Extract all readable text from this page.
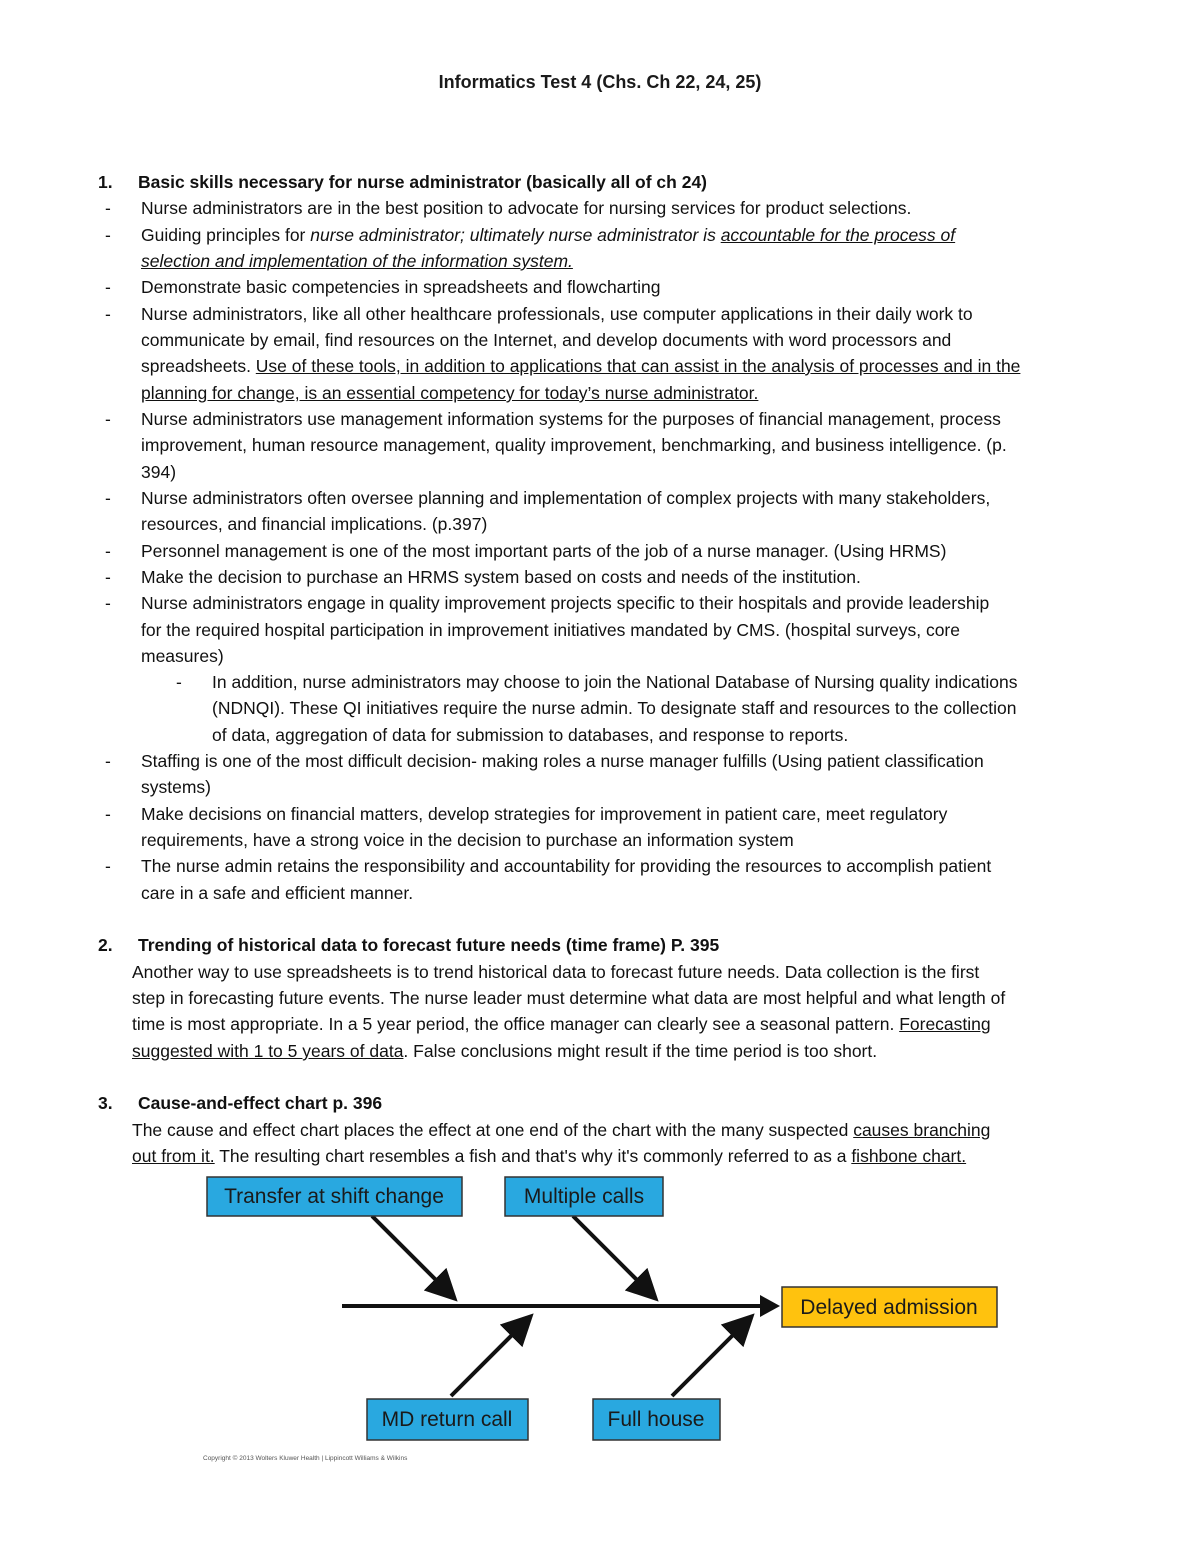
Informatics Test 4 (Chs. Ch 22, 24, 25)
1. Basic skills necessary for nurse administrator (basically all of ch 24)
- Nurse administrators are in the best position to advocate for nursing services for product selections.
- Guiding principles for nurse administrator; ultimately nurse administrator is accountable for the process of
selection and implementation of the information system.
- Demonstrate basic competencies in spreadsheets and flowcharting
- Nurse administrators, like all other healthcare professionals, use computer applications in their daily work to
communicate by email, find resources on the Internet, and develop documents with word processors and
spreadsheets. Use of these tools, in addition to applications that can assist in the analysis of processes and in the
planning for change, is an essential competency for today’s nurse administrator.
- Nurse administrators use management information systems for the purposes of financial management, process
improvement, human resource management, quality improvement, benchmarking, and business intelligence. (p.
394)
- Nurse administrators often oversee planning and implementation of complex projects with many stakeholders,
resources, and financial implications. (p.397)
- Personnel management is one of the most important parts of the job of a nurse manager. (Using HRMS)
- Make the decision to purchase an HRMS system based on costs and needs of the institution.
- Nurse administrators engage in quality improvement projects specific to their hospitals and provide leadership
for the required hospital participation in improvement initiatives mandated by CMS. (hospital surveys, core
measures)
- In addition, nurse administrators may choose to join the National Database of Nursing quality indications
(NDNQI). These QI initiatives require the nurse admin. To designate staff and resources to the collection
of data, aggregation of data for submission to databases, and response to reports.
- Staffing is one of the most difficult decision- making roles a nurse manager fulfills (Using patient classification
systems)
- Make decisions on financial matters, develop strategies for improvement in patient care, meet regulatory
requirements, have a strong voice in the decision to purchase an information system
- The nurse admin retains the responsibility and accountability for providing the resources to accomplish patient
care in a safe and efficient manner.
2. Trending of historical data to forecast future needs (time frame) P. 395
Another way to use spreadsheets is to trend historical data to forecast future needs. Data collection is the first
step in forecasting future events. The nurse leader must determine what data are most helpful and what length of
time is most appropriate. In a 5 year period, the office manager can clearly see a seasonal pattern. Forecasting
suggested with 1 to 5 years of data. False conclusions might result if the time period is too short.
3. Cause-and-effect chart p. 396
The cause and effect chart places the effect at one end of the chart with the many suspected causes branching
out from it. The resulting chart resembles a fish and that's why it's commonly referred to as a fishbone chart.
Transfer at shift change	Multiple calls
MD return call	Full house
Delayed admission
Copyright © 2013 Wolters Kluwer Health | Lippincott Williams & Wilkins
